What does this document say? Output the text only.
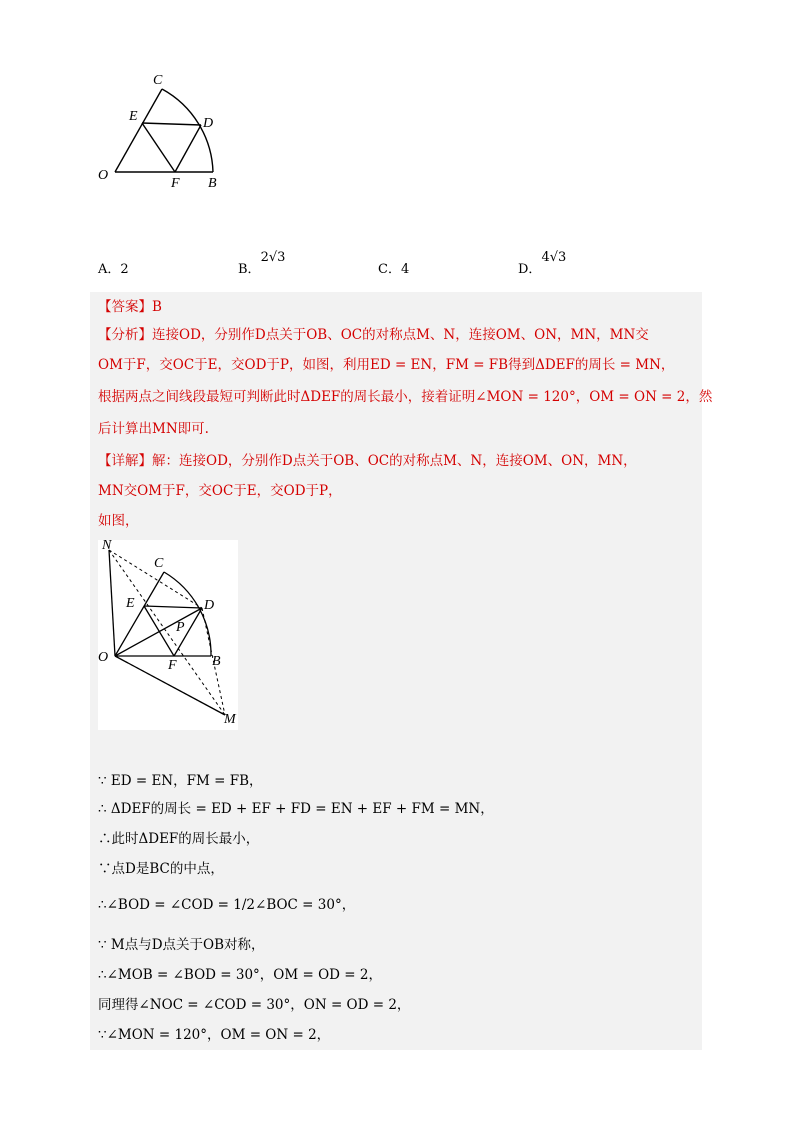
C
E	D
O
F B
A．2	B．2√3
C．4	D．4√3
【答案】B
【分析】连接OD，分别作D点关于OB、OC的对称点M、N，连接OM、ON，MN，MN交
OM于F，交OC于E，交OD于P，如图，利用ED = EN，FM = FB得到ΔDEF的周长 = MN，
根据两点之间线段最短可判断此时ΔDEF的周长最小，接着证明∠MON = 120°，OM = ON = 2，然
后计算出MN即可.
【详解】解：连接OD，分别作D点关于OB、OC的对称点M、N，连接OM、ON，MN，
MN交OM于F，交OC于E，交OD于P，
如图，
N
C
E	D
P
O
F	B
M
∵ ED = EN，FM = FB，
∴ ΔDEF的周长 = ED + EF + FD = EN + EF + FM = MN，
∴此时ΔDEF的周长最小，
∵点D是BC的中点，
∴∠BOD = ∠COD = 1/2∠BOC = 30°，
∵ M点与D点关于OB对称，
∴∠MOB = ∠BOD = 30°，OM = OD = 2，
同理得∠NOC = ∠COD = 30°，ON = OD = 2，
∵∠MON = 120°，OM = ON = 2，
